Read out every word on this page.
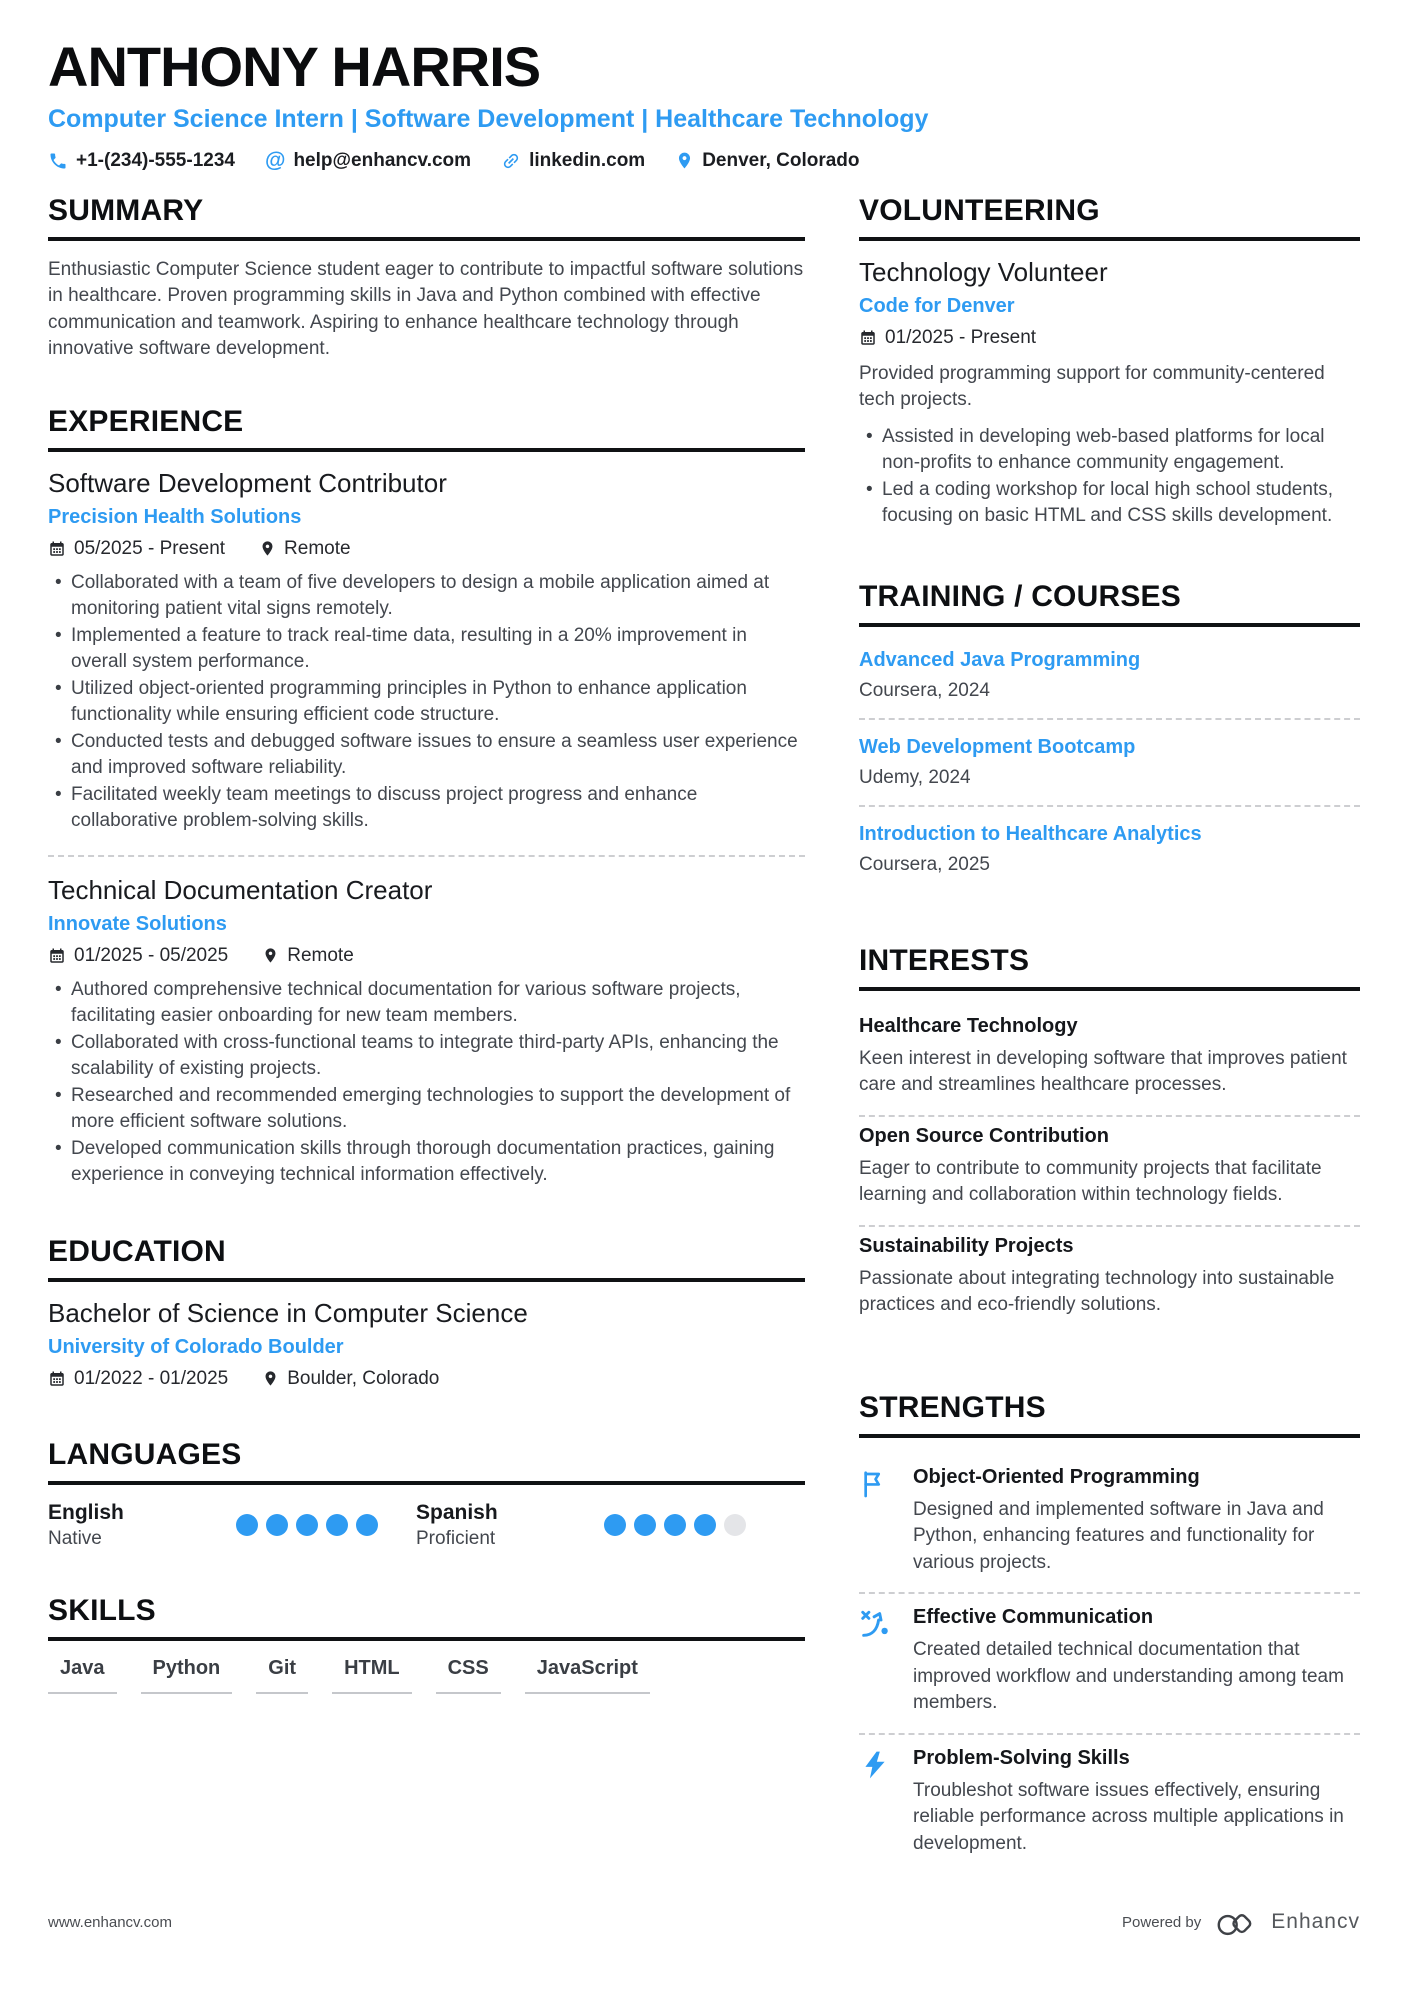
ANTHONY HARRIS
Computer Science Intern | Software Development | Healthcare Technology
+1-(234)-555-1234 @ help@enhancv.com	linkedin.com	Denver, Colorado
SUMMARY

Enthusiastic Computer Science student eager to contribute to impactful software solutions in healthcare. Proven programming skills in Java and Python combined with effective communication and teamwork. Aspiring to enhance healthcare technology through innovative software development.

EXPERIENCE
Software Development Contributor
Precision Health Solutions
05/2025 - Present	Remote
• Collaborated with a team of five developers to design a mobile application aimed at monitoring patient vital signs remotely.
• Implemented a feature to track real-time data, resulting in a 20% improvement in overall system performance.
• Utilized object-oriented programming principles in Python to enhance application functionality while ensuring efficient code structure.
• Conducted tests and debugged software issues to ensure a seamless user experience and improved software reliability.
• Facilitated weekly team meetings to discuss project progress and enhance collaborative problem-solving skills.
Technical Documentation Creator
Innovate Solutions
01/2025 - 05/2025	Remote
• Authored comprehensive technical documentation for various software projects, facilitating easier onboarding for new team members.
• Collaborated with cross-functional teams to integrate third-party APIs, enhancing the scalability of existing projects.
• Researched and recommended emerging technologies to support the development of more efficient software solutions.
• Developed communication skills through thorough documentation practices, gaining experience in conveying technical information effectively.
EDUCATION
Bachelor of Science in Computer Science
University of Colorado Boulder
01/2022 - 01/2025	Boulder, Colorado
LANGUAGES
English
Native
Spanish
Proficient
SKILLS
Java	Python	Git	HTML	CSS	JavaScript
VOLUNTEERING
Technology Volunteer
Code for Denver
01/2025 - Present

Provided programming support for community-centered tech projects.

• Assisted in developing web-based platforms for local non-profits to enhance community engagement.
• Led a coding workshop for local high school students, focusing on basic HTML and CSS skills development.
TRAINING / COURSES
Advanced Java Programming
Coursera, 2024
Web Development Bootcamp
Udemy, 2024
Introduction to Healthcare Analytics
Coursera, 2025
INTERESTS
Healthcare Technology

Keen interest in developing software that improves patient care and streamlines healthcare processes.

Open Source Contribution

Eager to contribute to community projects that facilitate learning and collaboration within technology fields.

Sustainability Projects

Passionate about integrating technology into sustainable practices and eco-friendly solutions.

STRENGTHS
Object-Oriented Programming

Designed and implemented software in Java and Python, enhancing features and functionality for various projects.

Effective Communication

Created detailed technical documentation that improved workflow and understanding among team members.

Problem-Solving Skills

Troubleshot software issues effectively, ensuring reliable performance across multiple applications in development.

www.enhancv.com	Powered by	Enhancv
